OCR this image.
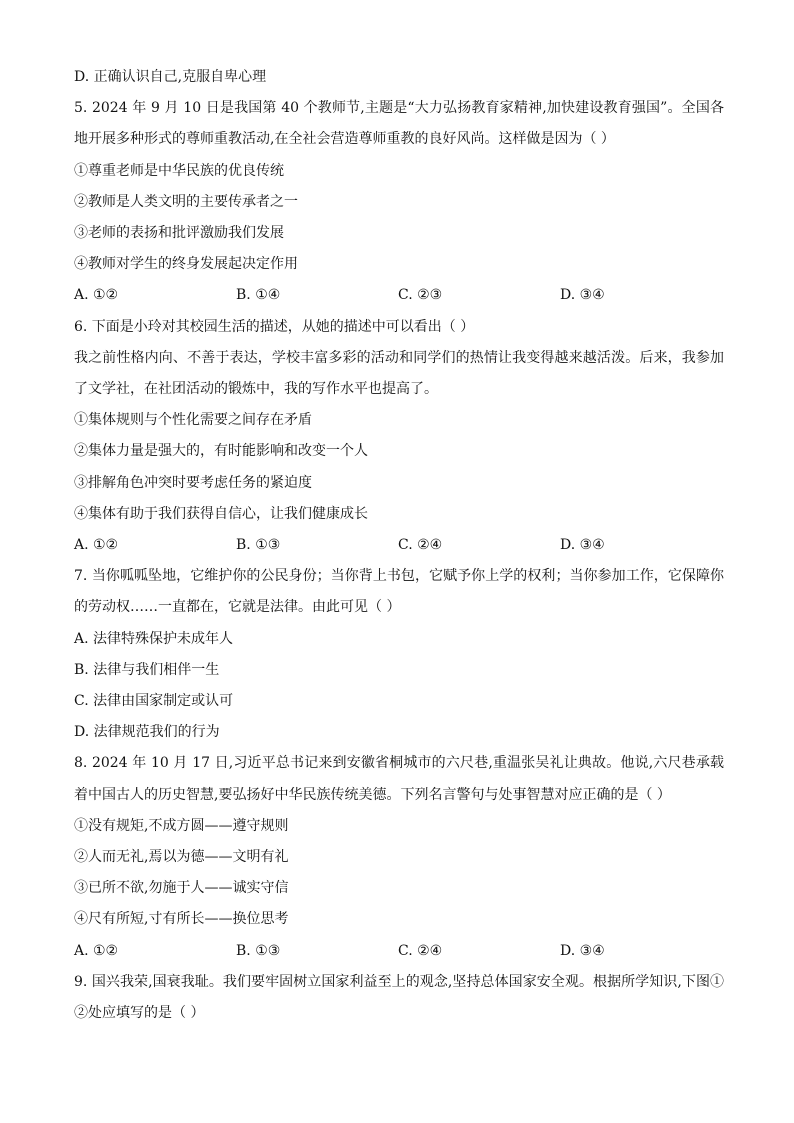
D. 正确认识自己,克服自卑心理
5. 2024 年 9 月 10 日是我国第 40 个教师节,主题是“大力弘扬教育家精神,加快建设教育强国”。全国各地开展多种形式的尊师重教活动,在全社会营造尊师重教的良好风尚。这样做是因为（ ）
①尊重老师是中华民族的优良传统
②教师是人类文明的主要传承者之一
③老师的表扬和批评激励我们发展
④教师对学生的终身发展起决定作用
A. ①②	B. ①④	C. ②③	D. ③④
6. 下面是小玲对其校园生活的描述，从她的描述中可以看出（ ）
我之前性格内向、不善于表达，学校丰富多彩的活动和同学们的热情让我变得越来越活泼。后来，我参加了文学社，在社团活动的锻炼中，我的写作水平也提高了。
①集体规则与个性化需要之间存在矛盾
②集体力量是强大的，有时能影响和改变一个人
③排解角色冲突时要考虑任务的紧迫度
④集体有助于我们获得自信心，让我们健康成长
A. ①②	B. ①③	C. ②④	D. ③④
7. 当你呱呱坠地，它维护你的公民身份；当你背上书包，它赋予你上学的权利；当你参加工作，它保障你的劳动权……一直都在，它就是法律。由此可见（ ）
A. 法律特殊保护未成年人
B. 法律与我们相伴一生
C. 法律由国家制定或认可
D. 法律规范我们的行为
8. 2024 年 10 月 17 日,习近平总书记来到安徽省桐城市的六尺巷,重温张吴礼让典故。他说,六尺巷承载着中国古人的历史智慧,要弘扬好中华民族传统美德。下列名言警句与处事智慧对应正确的是（ ）
①没有规矩,不成方圆——遵守规则
②人而无礼,焉以为德——文明有礼
③已所不欲,勿施于人——诚实守信
④尺有所短,寸有所长——换位思考
A. ①②	B. ①③	C. ②④	D. ③④
9. 国兴我荣,国衰我耻。我们要牢固树立国家利益至上的观念,坚持总体国家安全观。根据所学知识,下图①②处应填写的是（ ）
